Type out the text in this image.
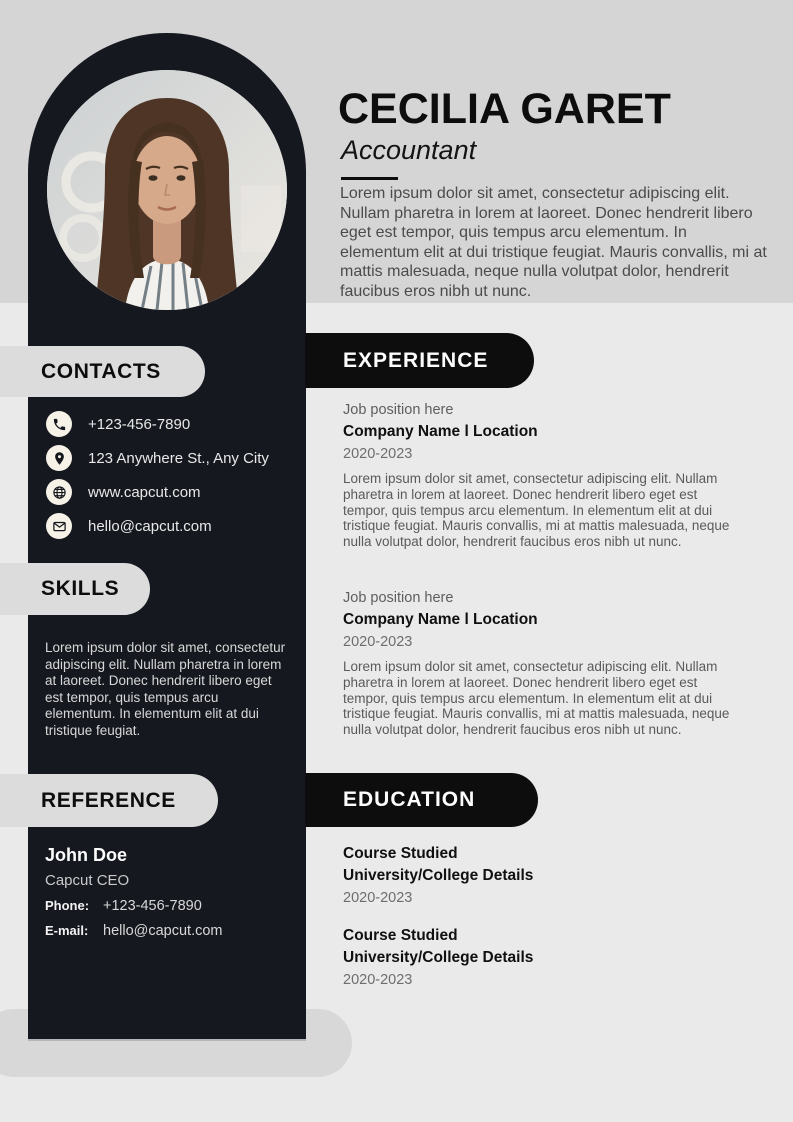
CECILIA GARET
Accountant
Lorem ipsum dolor sit amet, consectetur adipiscing elit. Nullam pharetra in lorem at laoreet. Donec hendrerit libero eget est tempor, quis tempus arcu elementum. In elementum elit at dui tristique feugiat. Mauris convallis, mi at mattis malesuada, neque nulla volutpat dolor, hendrerit faucibus eros nibh ut nunc.
CONTACTS
+123-456-7890
123 Anywhere St., Any City
www.capcut.com
hello@capcut.com
SKILLS
Lorem ipsum dolor sit amet, consectetur adipiscing elit. Nullam pharetra in lorem at laoreet. Donec hendrerit libero eget est tempor, quis tempus arcu elementum. In elementum elit at dui tristique feugiat.
REFERENCE
John Doe
Capcut CEO
Phone: +123-456-7890
E-mail:	hello@capcut.com
EXPERIENCE
Job position here
Company Name l Location
2020-2023
Lorem ipsum dolor sit amet, consectetur adipiscing elit. Nullam pharetra in lorem at laoreet. Donec hendrerit libero eget est tempor, quis tempus arcu elementum. In elementum elit at dui tristique feugiat. Mauris convallis, mi at mattis malesuada, neque nulla volutpat dolor, hendrerit faucibus eros nibh ut nunc.
Job position here
Company Name l Location
2020-2023
Lorem ipsum dolor sit amet, consectetur adipiscing elit. Nullam pharetra in lorem at laoreet. Donec hendrerit libero eget est tempor, quis tempus arcu elementum. In elementum elit at dui tristique feugiat. Mauris convallis, mi at mattis malesuada, neque nulla volutpat dolor, hendrerit faucibus eros nibh ut nunc.
EDUCATION
Course Studied
University/College Details
2020-2023
Course Studied
University/College Details
2020-2023
